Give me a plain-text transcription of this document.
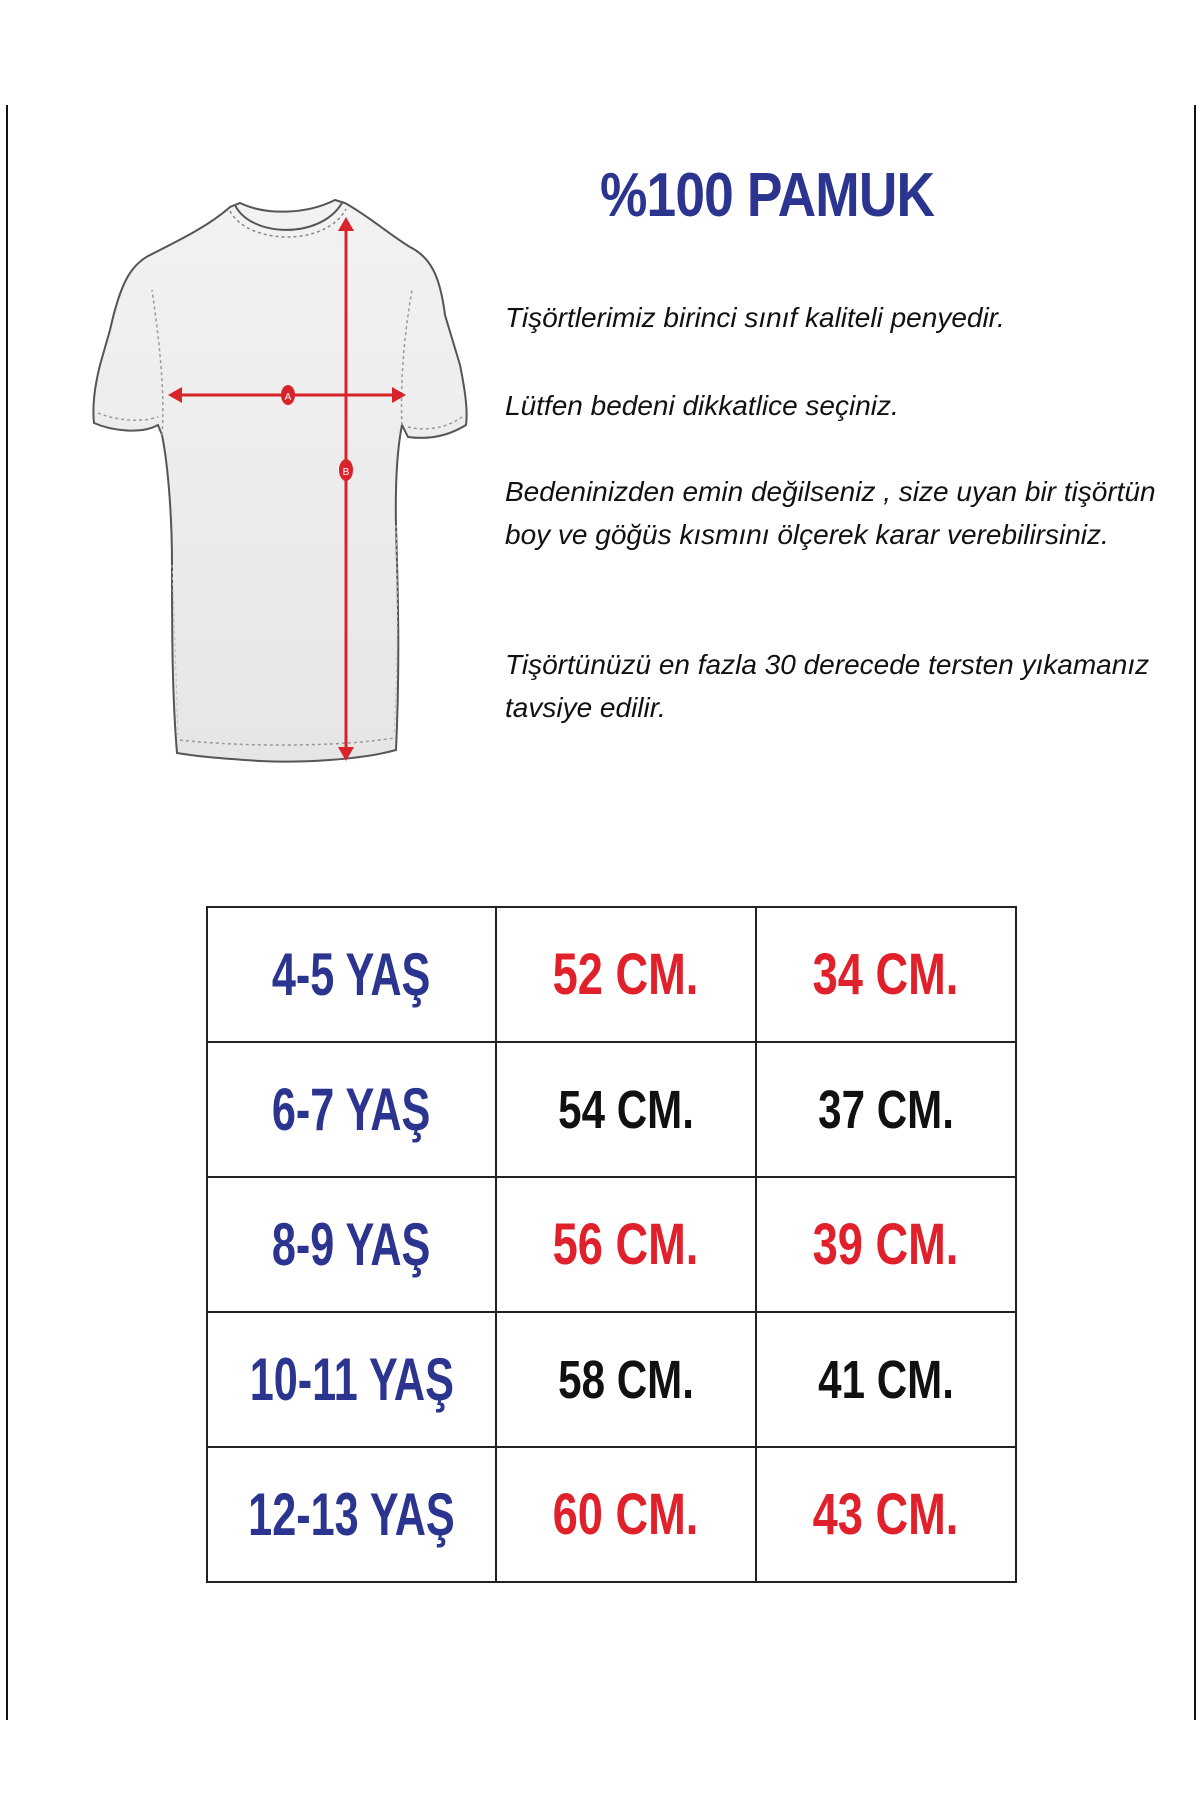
%100 PAMUK
Tişörtlerimiz birinci sınıf kaliteli penyedir.
Lütfen bedeni dikkatlice seçiniz.
Bedeninizden emin değilseniz , size uyan bir tişörtün boy ve göğüs kısmını ölçerek karar verebilirsiniz.
Tişörtünüzü en fazla 30 derecede tersten yıkamanız tavsiye edilir.
A
B
4-5 YAŞ	52 CM.	34 CM.
6-7 YAŞ	54 CM.	37 CM.
8-9 YAŞ	56 CM.	39 CM.
10-11 YAŞ	58 CM.	41 CM.
12-13 YAŞ	60 CM.	43 CM.
